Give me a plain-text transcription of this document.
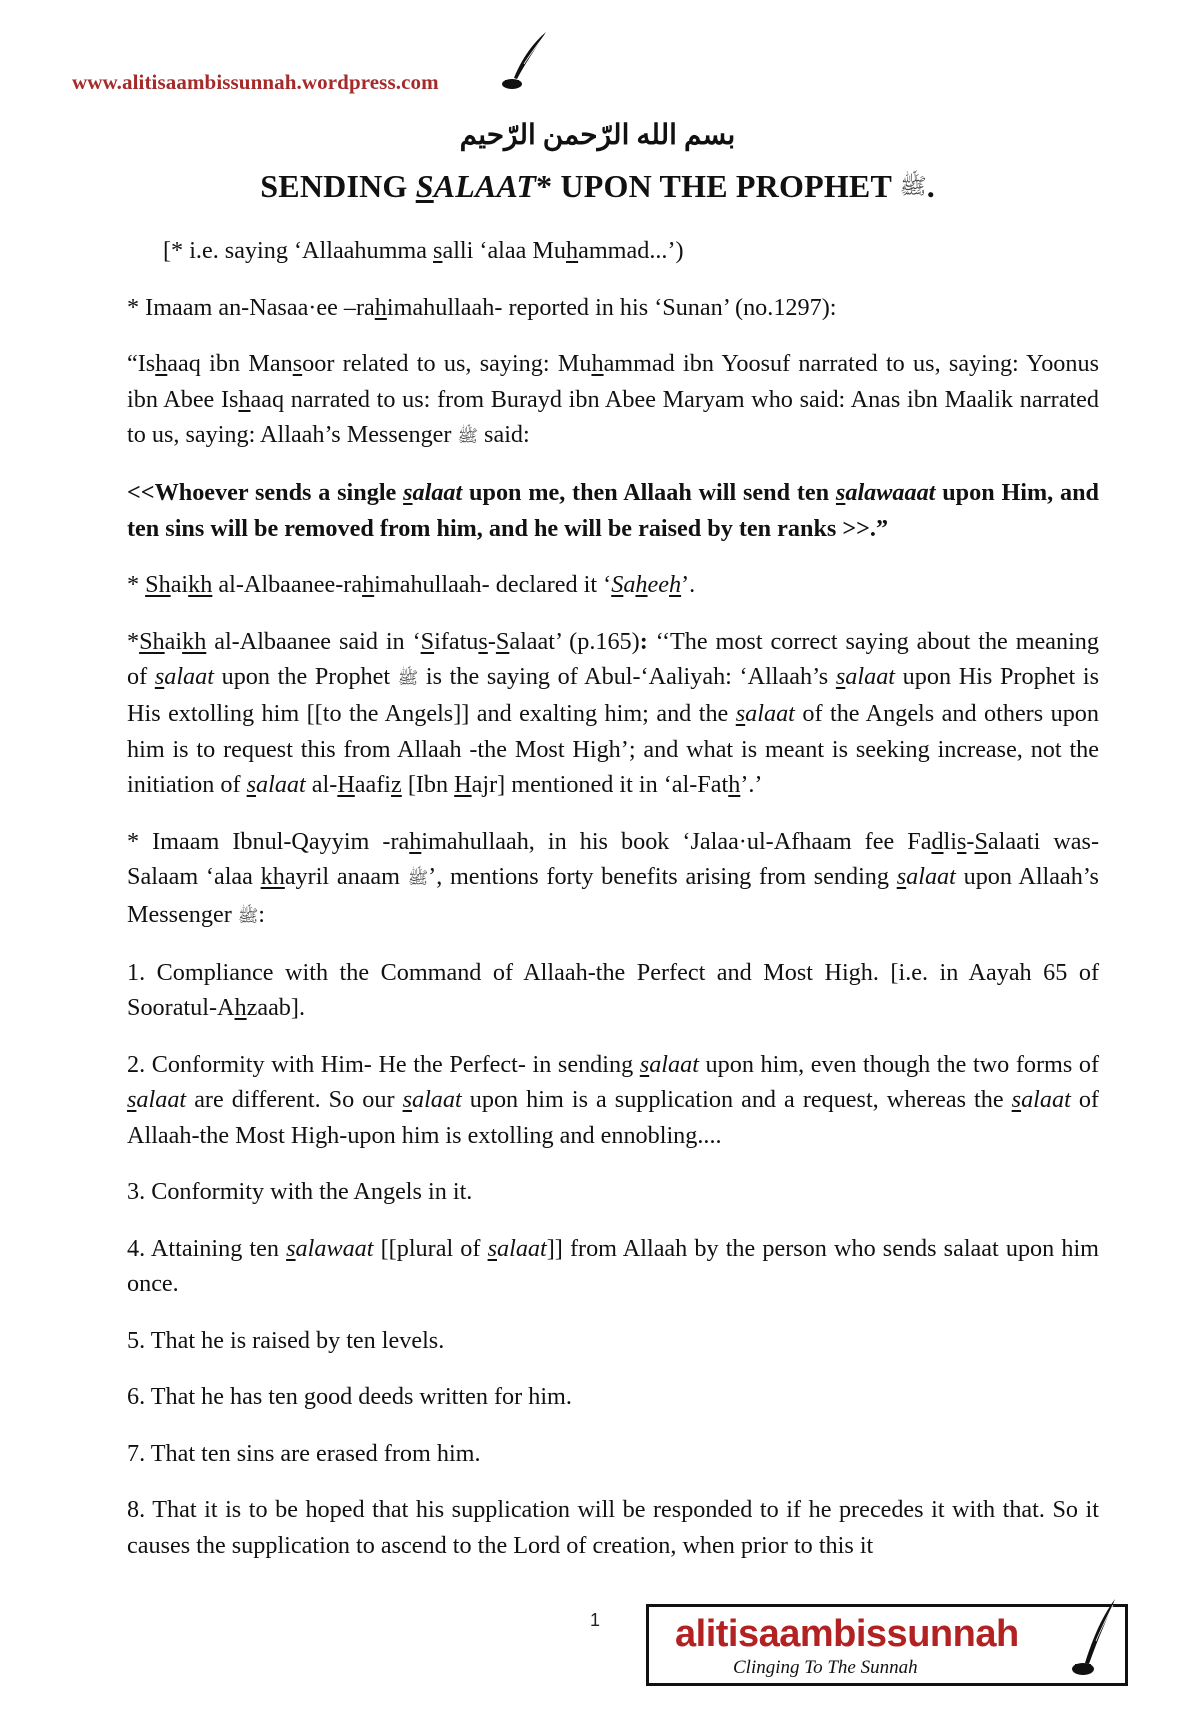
www.alitisaambissunnah.wordpress.com
بسم الله الرّحمن الرّحيم
SENDING SALAAT* UPON THE PROPHET ﷺ.

[* i.e. saying ‘Allaahumma salli ‘alaa Muhammad...’)

* Imaam an-Nasaa·ee –rahimahullaah- reported in his ‘Sunan’ (no.1297):

“Ishaaq ibn Mansoor related to us, saying: Muhammad ibn Yoosuf narrated to us, saying: Yoonus ibn Abee Ishaaq narrated to us: from Burayd ibn Abee Maryam who said: Anas ibn Maalik narrated to us, saying: Allaah’s Messenger ﷺ said:

<<Whoever sends a single salaat upon me, then Allaah will send ten salawaaat upon Him, and ten sins will be removed from him, and he will be raised by ten ranks >>.”

* Shaikh al-Albaanee-rahimahullaah- declared it ‘Saheeh’.

*Shaikh al-Albaanee said in ‘Sifatus-Salaat’ (p.165): ‘‘The most correct saying about the meaning of salaat upon the Prophet ﷺ is the saying of Abul-‘Aaliyah: ‘Allaah’s salaat upon His Prophet is His extolling him [[to the Angels]] and exalting him; and the salaat of the Angels and others upon him is to request this from Allaah -the Most High’; and what is meant is seeking increase, not the initiation of salaat al-Haafiz [Ibn Hajr] mentioned it in ‘al-Fath’.’

* Imaam Ibnul-Qayyim -rahimahullaah, in his book ‘Jalaa·ul-Afhaam fee Fadlis-Salaati was-Salaam ‘alaa khayril anaam ﷺ’, mentions forty benefits arising from sending salaat upon Allaah’s Messenger ﷺ:

1. Compliance with the Command of Allaah-the Perfect and Most High. [i.e. in Aayah 65 of Sooratul-Ahzaab].

2. Conformity with Him- He the Perfect- in sending salaat upon him, even though the two forms of salaat are different. So our salaat upon him is a supplication and a request, whereas the salaat of Allaah-the Most High-upon him is extolling and ennobling....

3. Conformity with the Angels in it.

4. Attaining ten salawaat [[plural of salaat]] from Allaah by the person who sends salaat upon him once.

5. That he is raised by ten levels.

6. That he has ten good deeds written for him.

7. That ten sins are erased from him.

8. That it is to be hoped that his supplication will be responded to if he precedes it with that. So it causes the supplication to ascend to the Lord of creation, when prior to this it

1 alitisaambissunnah
Clinging To The Sunnah
